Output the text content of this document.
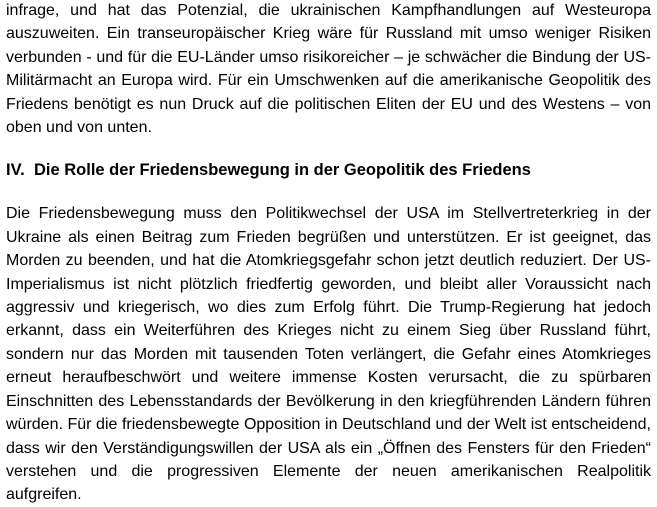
infrage, und hat das Potenzial, die ukrainischen Kampfhandlungen auf Westeuropa auszuweiten. Ein transeuropäischer Krieg wäre für Russland mit umso weniger Risiken verbunden - und für die EU-Länder umso risikoreicher – je schwächer die Bindung der US-Militärmacht an Europa wird. Für ein Umschwenken auf die amerikanische Geopolitik des Friedens benötigt es nun Druck auf die politischen Eliten der EU und des Westens – von oben und von unten.

IV. Die Rolle der Friedensbewegung in der Geopolitik des Friedens

Die Friedensbewegung muss den Politikwechsel der USA im Stellvertreterkrieg in der Ukraine als einen Beitrag zum Frieden begrüßen und unterstützen. Er ist geeignet, das Morden zu beenden, und hat die Atomkriegsgefahr schon jetzt deutlich reduziert. Der US-Imperialismus ist nicht plötzlich friedfertig geworden, und bleibt aller Voraussicht nach aggressiv und kriegerisch, wo dies zum Erfolg führt. Die Trump-Regierung hat jedoch erkannt, dass ein Weiterführen des Krieges nicht zu einem Sieg über Russland führt, sondern nur das Morden mit tausenden Toten verlängert, die Gefahr eines Atomkrieges erneut heraufbeschwört und weitere immense Kosten verursacht, die zu spürbaren Einschnitten des Lebensstandards der Bevölkerung in den kriegführenden Ländern führen würden. Für die friedensbewegte Opposition in Deutschland und der Welt ist entscheidend, dass wir den Verständigungswillen der USA als ein „Öffnen des Fensters für den Frieden“ verstehen und die progressiven Elemente der neuen amerikanischen Realpolitik aufgreifen.
